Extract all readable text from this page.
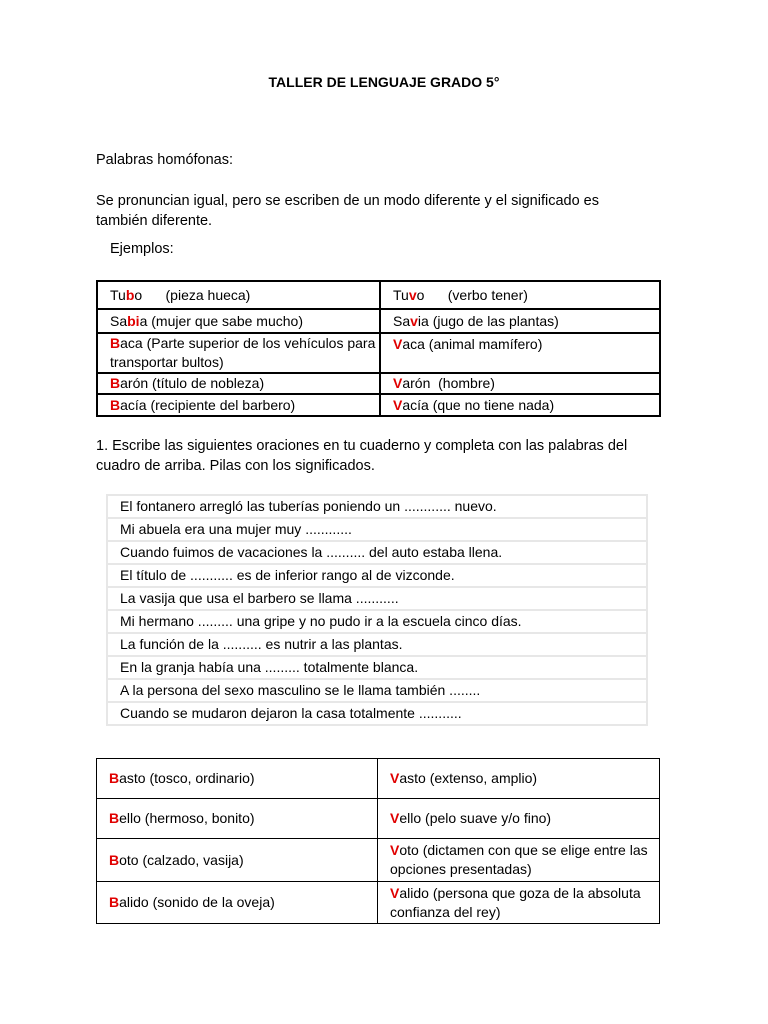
TALLER DE LENGUAJE GRADO 5°
Palabras homófonas:
Se pronuncian igual, pero se escriben de un modo diferente y el significado es también diferente.
Ejemplos:
Tubo      (pieza hueca)	Tuvo      (verbo tener)
Sabia (mujer que sabe mucho)	Savia (jugo de las plantas)
Baca (Parte superior de los vehículos para transportar bultos)	Vaca (animal mamífero)
Barón (título de nobleza)	Varón  (hombre)
Bacía (recipiente del barbero)	Vacía (que no tiene nada)
1. Escribe las siguientes oraciones en tu cuaderno y completa con las palabras del cuadro de arriba. Pilas con los significados.
El fontanero arregló las tuberías poniendo un ............ nuevo.
Mi abuela era una mujer muy ............
Cuando fuimos de vacaciones la .......... del auto estaba llena.
El título de ........... es de inferior rango al de vizconde.
La vasija que usa el barbero se llama ...........
Mi hermano ......... una gripe y no pudo ir a la escuela cinco días.
La función de la .......... es nutrir a las plantas.
En la granja había una ......... totalmente blanca.
A la persona del sexo masculino se le llama también ........
Cuando se mudaron dejaron la casa totalmente ...........
Basto (tosco, ordinario)	Vasto (extenso, amplio)
Bello (hermoso, bonito)	Vello (pelo suave y/o fino)
Boto (calzado, vasija)	Voto (dictamen con que se elige entre las opciones presentadas)
Balido (sonido de la oveja)	Valido (persona que goza de la absoluta confianza del rey)
